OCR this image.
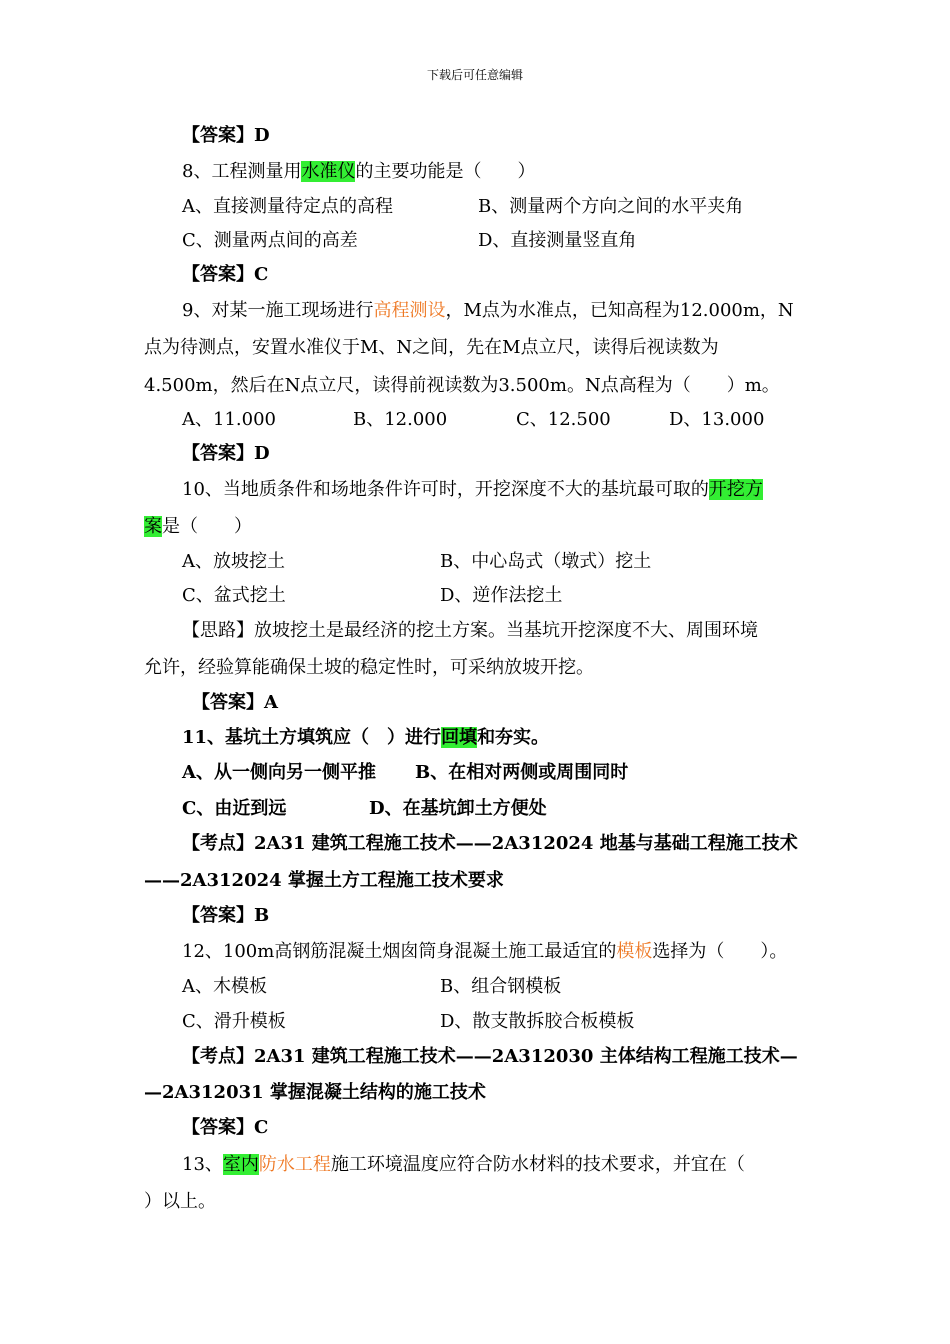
下载后可任意编辑
【答案】D
8、工程测量用水准仪的主要功能是（　　）
A、直接测量待定点的高程	B、测量两个方向之间的水平夹角
C、测量两点间的高差	D、直接测量竖直角
【答案】C
9、对某一施工现场进行高程测设，M点为水准点，已知高程为12.000m，N
点为待测点，安置水准仪于M、N之间，先在M点立尺，读得后视读数为
4.500m，然后在N点立尺，读得前视读数为3.500m。N点高程为（　　）m。
A、11.000	B、12.000	C、12.500	D、13.000
【答案】D
10、当地质条件和场地条件许可时，开挖深度不大的基坑最可取的开挖方
案是（　　）
A、放坡挖土	B、中心岛式（墩式）挖土
C、盆式挖土	D、逆作法挖土
【思路】放坡挖土是最经济的挖土方案。当基坑开挖深度不大、周围环境
允许，经验算能确保土坡的稳定性时，可采纳放坡开挖。
【答案】A
11、基坑土方填筑应（　）进行回填和夯实。
A、从一侧向另一侧平推 B、在相对两侧或周围同时
C、由近到远	D、在基坑卸土方便处
【考点】2A31 建筑工程施工技术——2A312024 地基与基础工程施工技术
——2A312024 掌握土方工程施工技术要求
【答案】B
12、100m高钢筋混凝土烟囱筒身混凝土施工最适宜的模板选择为（　　）。
A、木模板	B、组合钢模板
C、滑升模板	D、散支散拆胶合板模板
【考点】2A31 建筑工程施工技术——2A312030 主体结构工程施工技术—
—2A312031 掌握混凝土结构的施工技术
【答案】C
13、室内防水工程施工环境温度应符合防水材料的技术要求，并宜在（
）以上。
